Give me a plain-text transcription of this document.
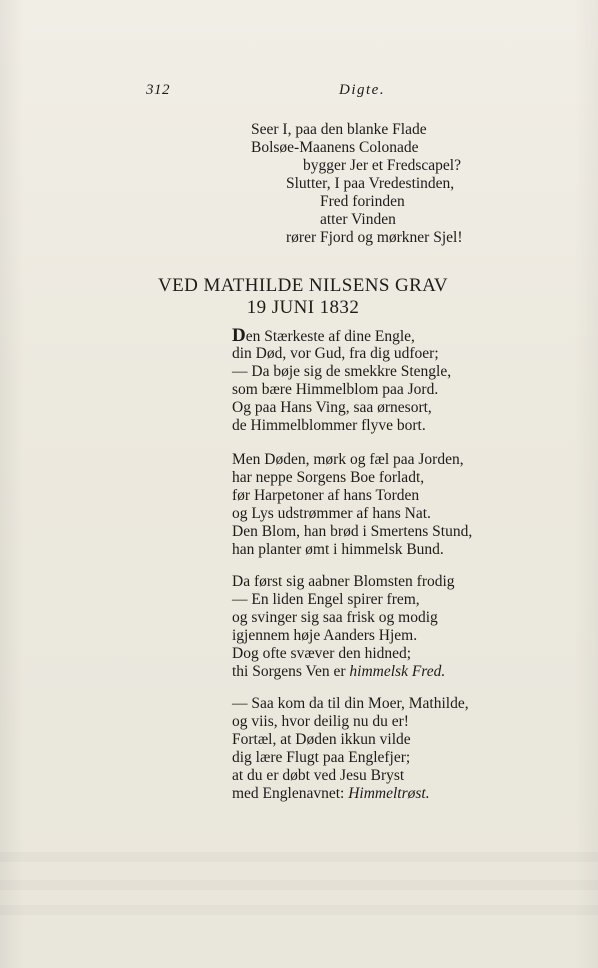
312	Digte.
Seer I, paa den blanke Flade
Bolsøe-Maanens Colonade
bygger Jer et Fredscapel?
Slutter, I paa Vredestinden,
Fred forinden
atter Vinden
rører Fjord og mørkner Sjel!
VED MATHILDE NILSENS GRAV
19 JUNI 1832
Den Stærkeste af dine Engle,
din Død, vor Gud, fra dig udfoer;
— Da bøje sig de smekkre Stengle,
som bære Himmelblom paa Jord.
Og paa Hans Ving, saa ørnesort,
de Himmelblommer flyve bort.
Men Døden, mørk og fæl paa Jorden,
har neppe Sorgens Boe forladt,
før Harpetoner af hans Torden
og Lys udstrømmer af hans Nat.
Den Blom, han brød i Smertens Stund,
han planter ømt i himmelsk Bund.
Da først sig aabner Blomsten frodig
— En liden Engel spirer frem,
og svinger sig saa frisk og modig
igjennem høje Aanders Hjem.
Dog ofte svæver den hidned;
thi Sorgens Ven er himmelsk Fred.
— Saa kom da til din Moer, Mathilde,
og viis, hvor deilig nu du er!
Fortæl, at Døden ikkun vilde
dig lære Flugt paa Englefjer;
at du er døbt ved Jesu Bryst
med Englenavnet: Himmeltrøst.
